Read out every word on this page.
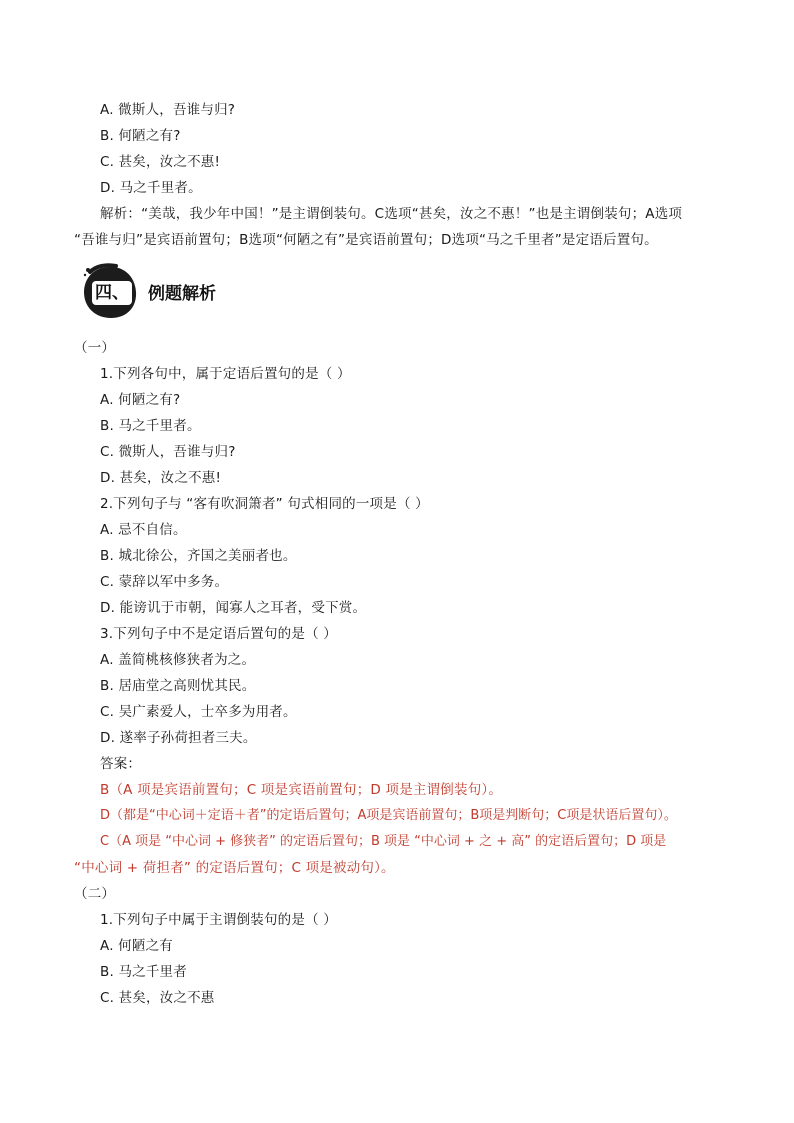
A. 微斯人，吾谁与归?
B. 何陋之有?
C. 甚矣，汝之不惠!
D. 马之千里者。
解析：“美哉，我少年中国！”是主谓倒装句。C选项“甚矣，汝之不惠！”也是主谓倒装句；A选项
“吾谁与归”是宾语前置句；B选项“何陋之有”是宾语前置句；D选项“马之千里者”是定语后置句。
四、 例题解析
（一）
1.下列各句中，属于定语后置句的是（ ）
A. 何陋之有?
B. 马之千里者。
C. 微斯人，吾谁与归?
D. 甚矣，汝之不惠!
2.下列句子与 “客有吹洞箫者” 句式相同的一项是（ ）
A. 忌不自信。
B. 城北徐公，齐国之美丽者也。
C. 蒙辞以军中多务。
D. 能谤讥于市朝，闻寡人之耳者，受下赏。
3.下列句子中不是定语后置句的是（ ）
A. 盖简桃核修狭者为之。
B. 居庙堂之高则忧其民。
C. 吴广素爱人，士卒多为用者。
D. 遂率子孙荷担者三夫。
答案：
B（A 项是宾语前置句；C 项是宾语前置句；D 项是主谓倒装句）。
D（都是“中心词＋定语＋者”的定语后置句；A项是宾语前置句；B项是判断句；C项是状语后置句）。
C（A 项是 “中心词 + 修狭者” 的定语后置句；B 项是 “中心词 + 之 + 高” 的定语后置句；D 项是
“中心词 + 荷担者” 的定语后置句；C 项是被动句）。
（二）
1.下列句子中属于主谓倒装句的是（ ）
A. 何陋之有
B. 马之千里者
C. 甚矣，汝之不惠
